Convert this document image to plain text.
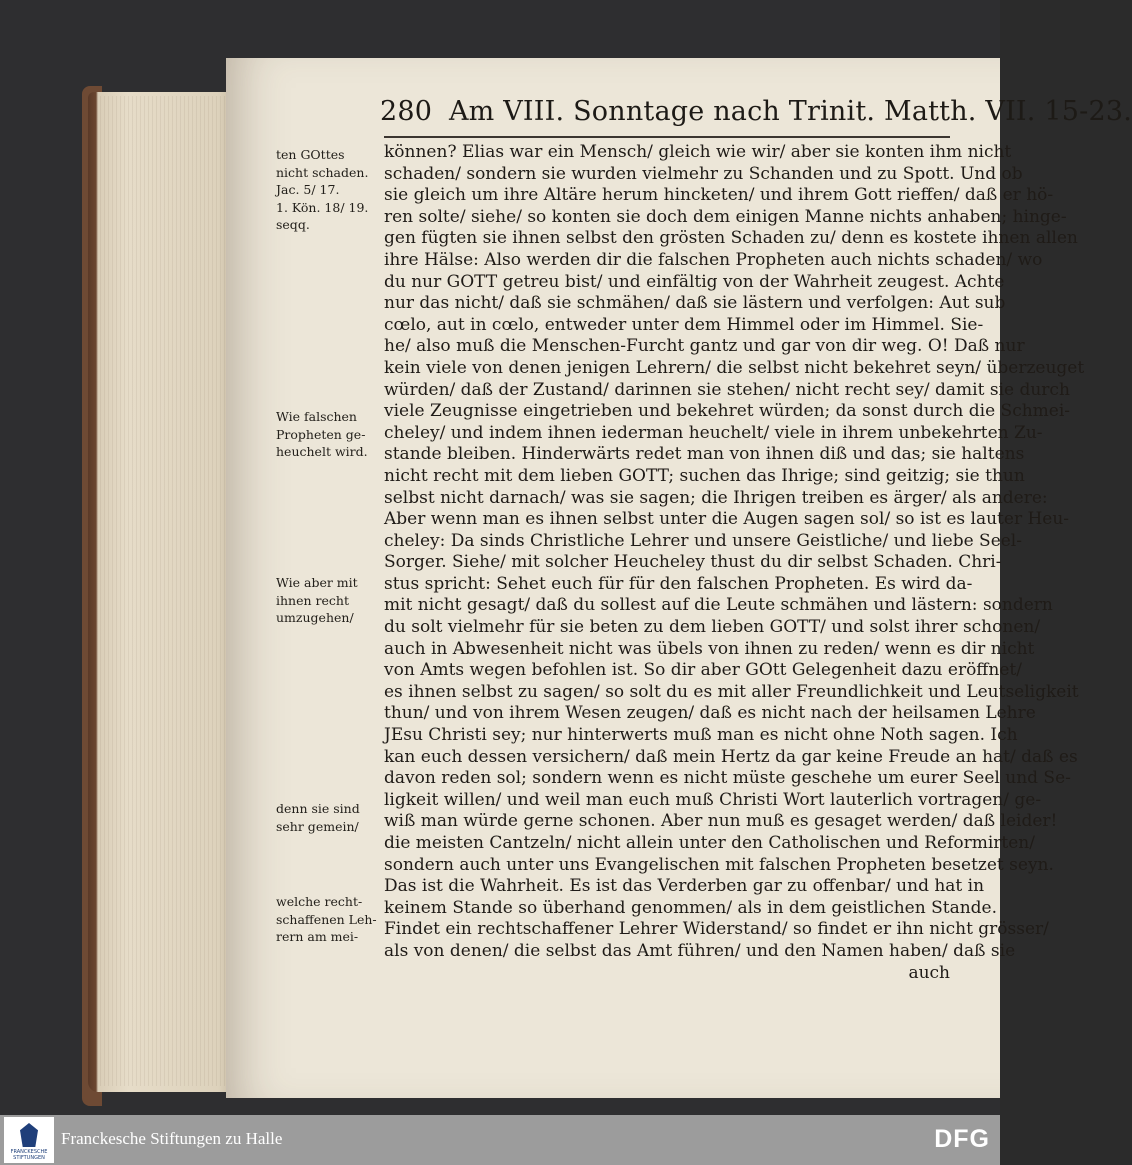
280 Am VIII. Sonntage nach Trinit. Matth. VII. 15-23.
können? Elias war ein Mensch/ gleich wie wir/ aber sie konten ihm nicht
schaden/ sondern sie wurden vielmehr zu Schanden und zu Spott. Und ob
sie gleich um ihre Altäre herum hincketen/ und ihrem Gott rieffen/ daß er hö-
ren solte/ siehe/ so konten sie doch dem einigen Manne nichts anhaben; hinge-
gen fügten sie ihnen selbst den grösten Schaden zu/ denn es kostete ihnen allen
ihre Hälse: Also werden dir die falschen Propheten auch nichts schaden/ wo
du nur GOTT getreu bist/ und einfältig von der Wahrheit zeugest. Achte
nur das nicht/ daß sie schmähen/ daß sie lästern und verfolgen: Aut sub
cœlo, aut in cœlo, entweder unter dem Himmel oder im Himmel. Sie-
he/ also muß die Menschen-Furcht gantz und gar von dir weg. O! Daß nur
kein viele von denen jenigen Lehrern/ die selbst nicht bekehret seyn/ überzeuget
würden/ daß der Zustand/ darinnen sie stehen/ nicht recht sey/ damit sie durch
viele Zeugnisse eingetrieben und bekehret würden; da sonst durch die Schmei-
cheley/ und indem ihnen iederman heuchelt/ viele in ihrem unbekehrten Zu-
stande bleiben. Hinderwärts redet man von ihnen diß und das; sie haltens
nicht recht mit dem lieben GOTT; suchen das Ihrige; sind geitzig; sie thun
selbst nicht darnach/ was sie sagen; die Ihrigen treiben es ärger/ als andere:
Aber wenn man es ihnen selbst unter die Augen sagen sol/ so ist es lauter Heu-
cheley: Da sinds Christliche Lehrer und unsere Geistliche/ und liebe Seel-
Sorger. Siehe/ mit solcher Heucheley thust du dir selbst Schaden. Chri-
stus spricht: Sehet euch für für den falschen Propheten. Es wird da-
mit nicht gesagt/ daß du sollest auf die Leute schmähen und lästern: sondern
du solt vielmehr für sie beten zu dem lieben GOTT/ und solst ihrer schonen/
auch in Abwesenheit nicht was übels von ihnen zu reden/ wenn es dir nicht
von Amts wegen befohlen ist. So dir aber GOtt Gelegenheit dazu eröffnet/
es ihnen selbst zu sagen/ so solt du es mit aller Freundlichkeit und Leutseligkeit
thun/ und von ihrem Wesen zeugen/ daß es nicht nach der heilsamen Lehre
JEsu Christi sey; nur hinterwerts muß man es nicht ohne Noth sagen. Ich
kan euch dessen versichern/ daß mein Hertz da gar keine Freude an hat/ daß es
davon reden sol; sondern wenn es nicht müste geschehe um eurer Seel und Se-
ligkeit willen/ und weil man euch muß Christi Wort lauterlich vortragen/ ge-
wiß man würde gerne schonen. Aber nun muß es gesaget werden/ daß leider!
die meisten Cantzeln/ nicht allein unter den Catholischen und Reformirten/
sondern auch unter uns Evangelischen mit falschen Propheten besetzet seyn.
Das ist die Wahrheit. Es ist das Verderben gar zu offenbar/ und hat in
keinem Stande so überhand genommen/ als in dem geistlichen Stande.
Findet ein rechtschaffener Lehrer Widerstand/ so findet er ihn nicht grösser/
als von denen/ die selbst das Amt führen/ und den Namen haben/ daß sie
auch
ten GOttes
nicht schaden.
Jac. 5/ 17.
1. Kön. 18/ 19.
seqq.
Wie falschen
Propheten ge-
heuchelt wird.
Wie aber mit
ihnen recht
umzugehen/
denn sie sind
sehr gemein/
welche recht-
schaffenen Leh-
rern am mei-
FRANCKESCHE STIFTUNGEN
Franckesche Stiftungen zu Halle	DFG
